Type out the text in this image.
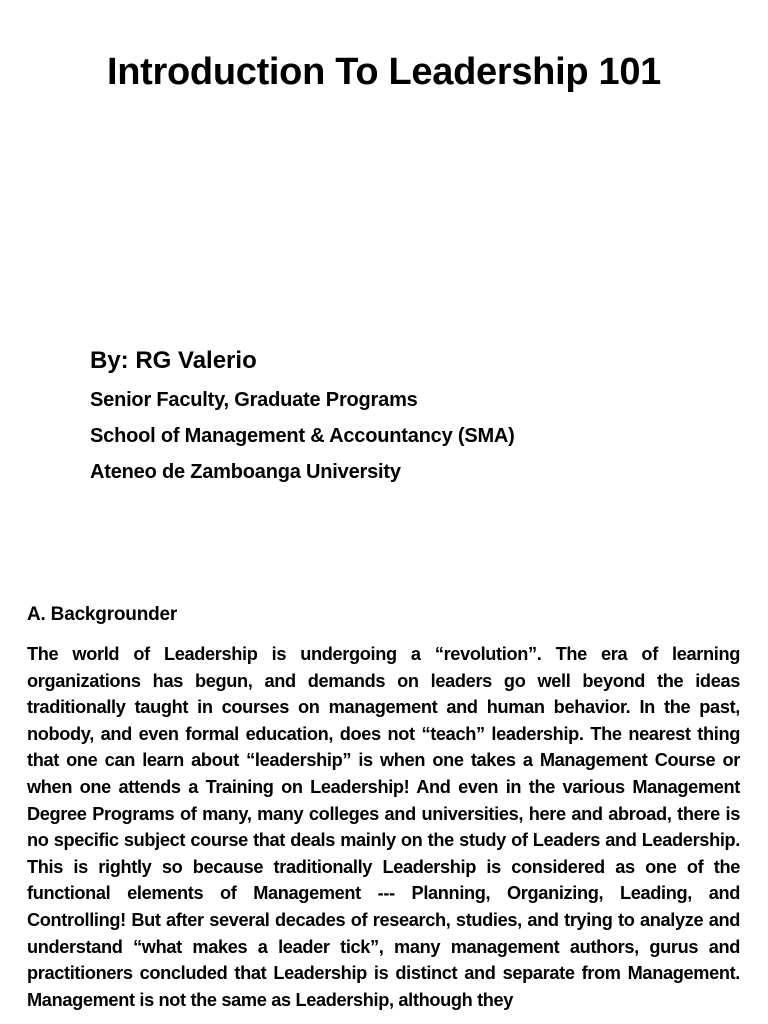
Introduction To Leadership 101

By: RG Valerio

Senior Faculty, Graduate Programs

School of Management & Accountancy (SMA)

Ateneo de Zamboanga University

A. Backgrounder

The world of Leadership is undergoing a “revolution”. The era of learning organizations has begun, and demands on leaders go well beyond the ideas traditionally taught in courses on management and human behavior. In the past, nobody, and even formal education, does not “teach” leadership. The nearest thing that one can learn about “leadership” is when one takes a Management Course or when one attends a Training on Leadership! And even in the various Management Degree Programs of many, many colleges and universities, here and abroad, there is no specific subject course that deals mainly on the study of Leaders and Leadership. This is rightly so because traditionally Leadership is considered as one of the functional elements of Management --- Planning, Organizing, Leading, and Controlling! But after several decades of research, studies, and trying to analyze and understand “what makes a leader tick”, many management authors, gurus and practitioners concluded that Leadership is distinct and separate from Management. Management is not the same as Leadership, although they
